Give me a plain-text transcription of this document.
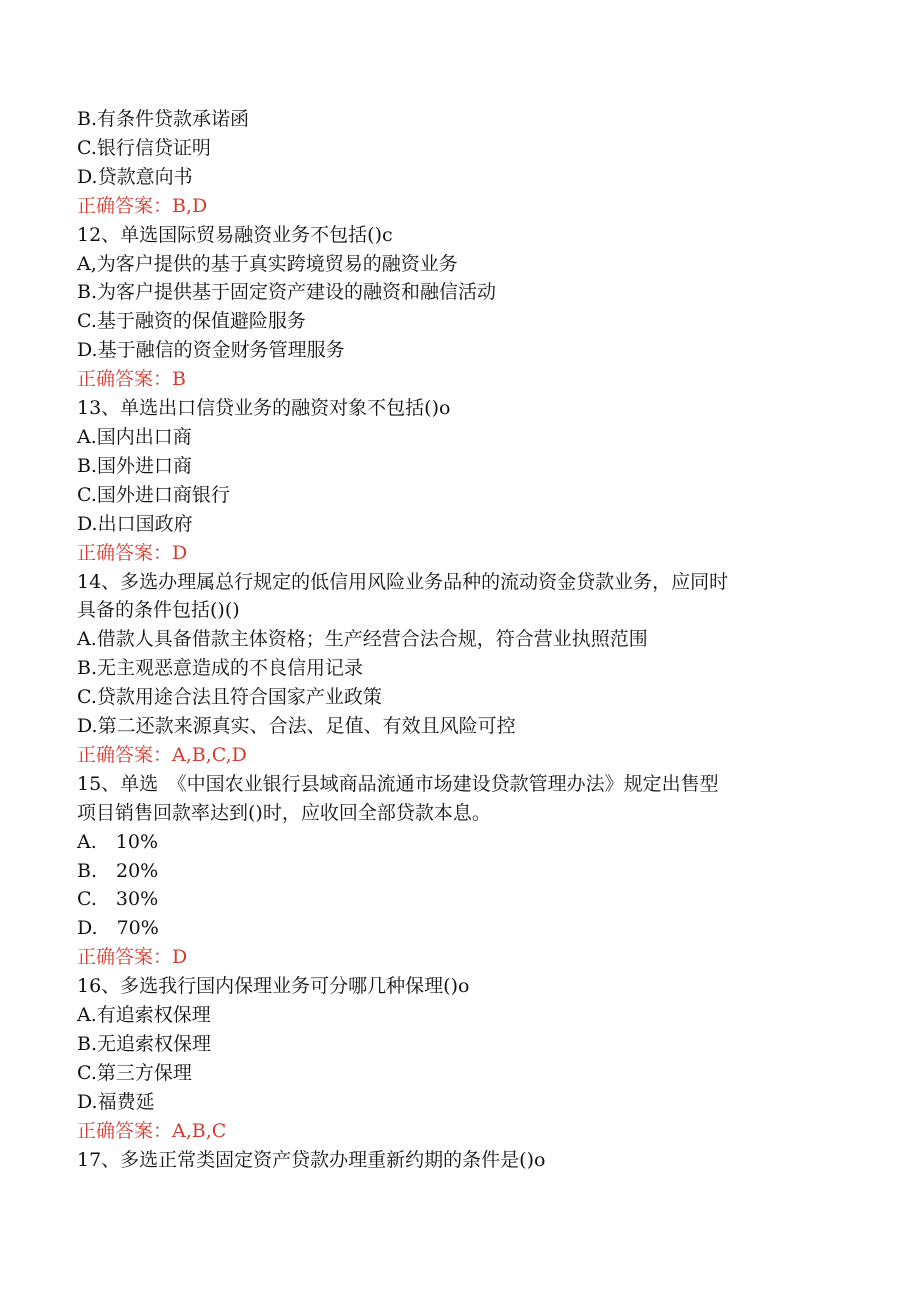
B.有条件贷款承诺函
C.银行信贷证明
D.贷款意向书
正确答案：B,D
12、单选国际贸易融资业务不包括()c
A,为客户提供的基于真实跨境贸易的融资业务
B.为客户提供基于固定资产建设的融资和融信活动
C.基于融资的保值避险服务
D.基于融信的资金财务管理服务
正确答案：B
13、单选出口信贷业务的融资对象不包括()o
A.国内出口商
B.国外进口商
C.国外进口商银行
D.出口国政府
正确答案：D
14、多选办理属总行规定的低信用风险业务品种的流动资金贷款业务，应同时
具备的条件包括()()
A.借款人具备借款主体资格；生产经营合法合规，符合营业执照范围
B.无主观恶意造成的不良信用记录
C.贷款用途合法且符合国家产业政策
D.第二还款来源真实、合法、足值、有效且风险可控
正确答案：A,B,C,D
15、单选　《中国农业银行县域商品流通市场建设贷款管理办法》规定出售型
项目销售回款率达到()时，应收回全部贷款本息。
A.　10%
B.　20%
C.　30%
D.　70%
正确答案：D
16、多选我行国内保理业务可分哪几种保理()o
A.有追索权保理
B.无追索权保理
C.第三方保理
D.福费延
正确答案：A,B,C
17、多选正常类固定资产贷款办理重新约期的条件是()o
